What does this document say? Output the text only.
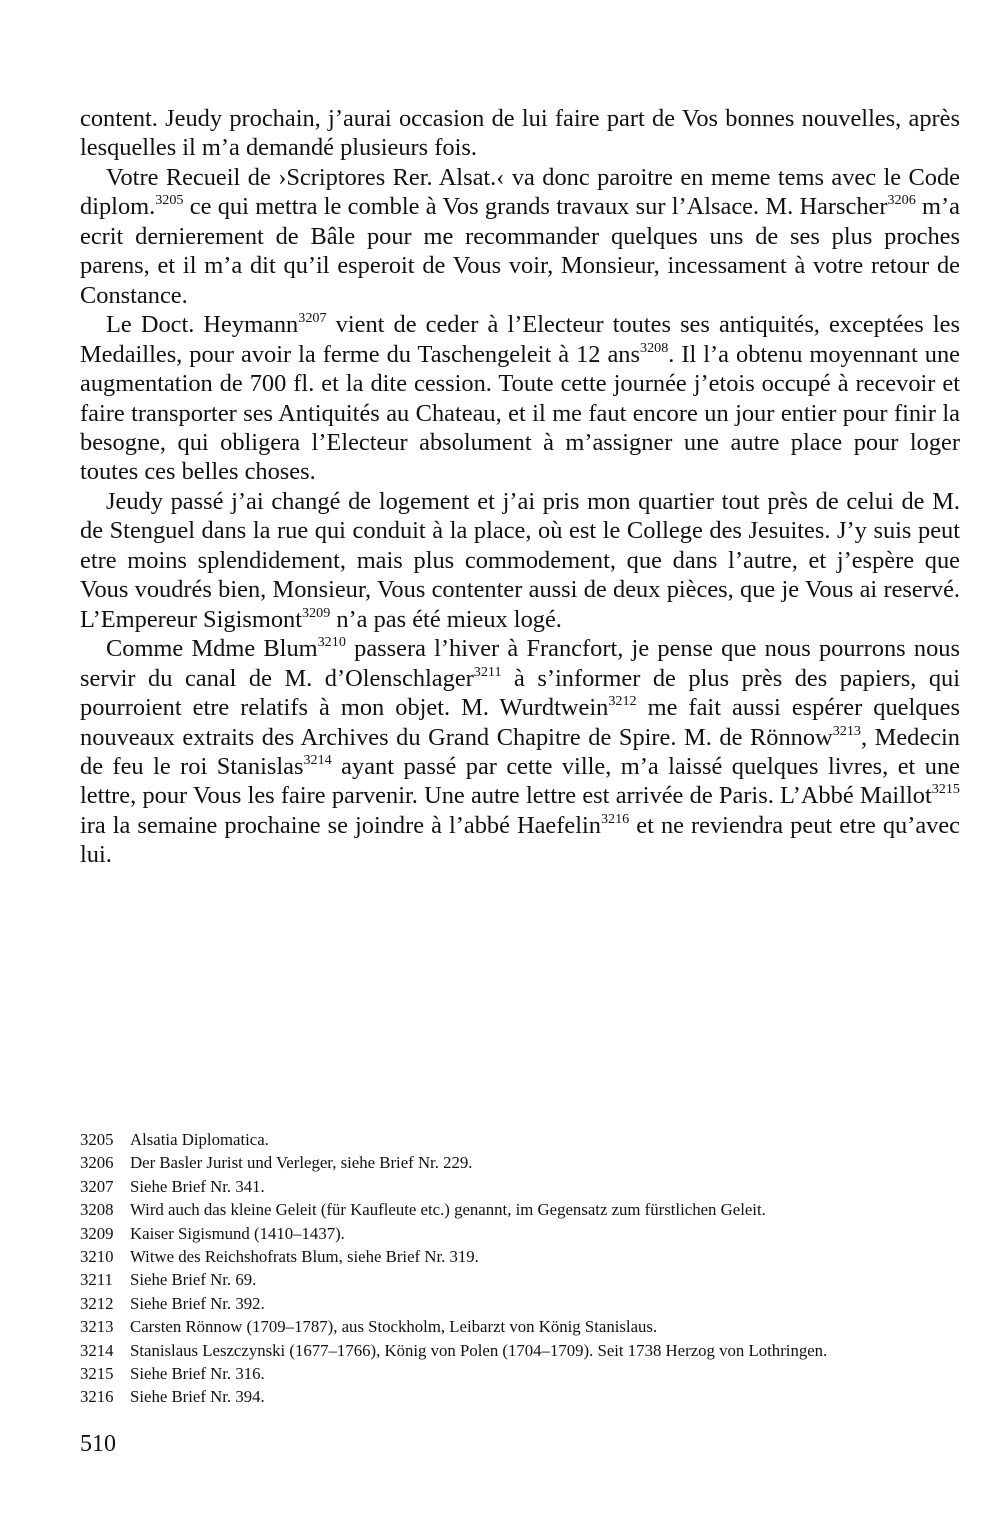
content. Jeudy prochain, j’aurai occasion de lui faire part de Vos bonnes nouvelles, après lesquelles il m’a demandé plusieurs fois.

Votre Recueil de ›Scriptores Rer. Alsat.‹ va donc paroitre en meme tems avec le Code diplom.$^{3205}$ ce qui mettra le comble à Vos grands travaux sur l’Alsace. M. Harscher$^{3206}$ m’a ecrit dernierement de Bâle pour me recommander quelques uns de ses plus proches parens, et il m’a dit qu’il esperoit de Vous voir, Monsieur, incessament à votre retour de Constance.

Le Doct. Heymann$^{3207}$ vient de ceder à l’Electeur toutes ses antiquités, exceptées les Medailles, pour avoir la ferme du Taschengeleit à 12 ans$^{3208}$. Il l’a obtenu moyennant une augmentation de 700 fl. et la dite cession. Toute cette journée j’etois occupé à recevoir et faire transporter ses Antiquités au Chateau, et il me faut encore un jour entier pour finir la besogne, qui obligera l’Electeur absolument à m’assigner une autre place pour loger toutes ces belles choses.

Jeudy passé j’ai changé de logement et j’ai pris mon quartier tout près de celui de M. de Stenguel dans la rue qui conduit à la place, où est le College des Jesuites. J’y suis peut etre moins splendidement, mais plus commodement, que dans l’autre, et j’espère que Vous voudrés bien, Monsieur, Vous contenter aussi de deux pièces, que je Vous ai reservé. L’Empereur Sigismont$^{3209}$ n’a pas été mieux logé.

Comme Mdme Blum$^{3210}$ passera l’hiver à Francfort, je pense que nous pourrons nous servir du canal de M. d’Olenschlager$^{3211}$ à s’informer de plus près des papiers, qui pourroient etre relatifs à mon objet. M. Wurdtwein$^{3212}$ me fait aussi espérer quelques nouveaux extraits des Archives du Grand Chapitre de Spire. M. de Rönnow$^{3213}$, Medecin de feu le roi Stanislas$^{3214}$ ayant passé par cette ville, m’a laissé quelques livres, et une lettre, pour Vous les faire parvenir. Une autre lettre est arrivée de Paris. L’Abbé Maillot$^{3215}$ ira la semaine prochaine se joindre à l’abbé Haefelin$^{3216}$ et ne reviendra peut etre qu’avec lui.

3205 Alsatia Diplomatica.
3206 Der Basler Jurist und Verleger, siehe Brief Nr. 229.
3207 Siehe Brief Nr. 341.
3208 Wird auch das kleine Geleit (für Kaufleute etc.) genannt, im Gegensatz zum fürstlichen Geleit.
3209 Kaiser Sigismund (1410–1437).
3210 Witwe des Reichshofrats Blum, siehe Brief Nr. 319.
3211	Siehe Brief Nr. 69.
3212 Siehe Brief Nr. 392.
3213 Carsten Rönnow (1709–1787), aus Stockholm, Leibarzt von König Stanislaus.
3214 Stanislaus Leszczynski (1677–1766), König von Polen (1704–1709). Seit 1738 Herzog von Lothringen.
3215 Siehe Brief Nr. 316.
3216 Siehe Brief Nr. 394.
510
